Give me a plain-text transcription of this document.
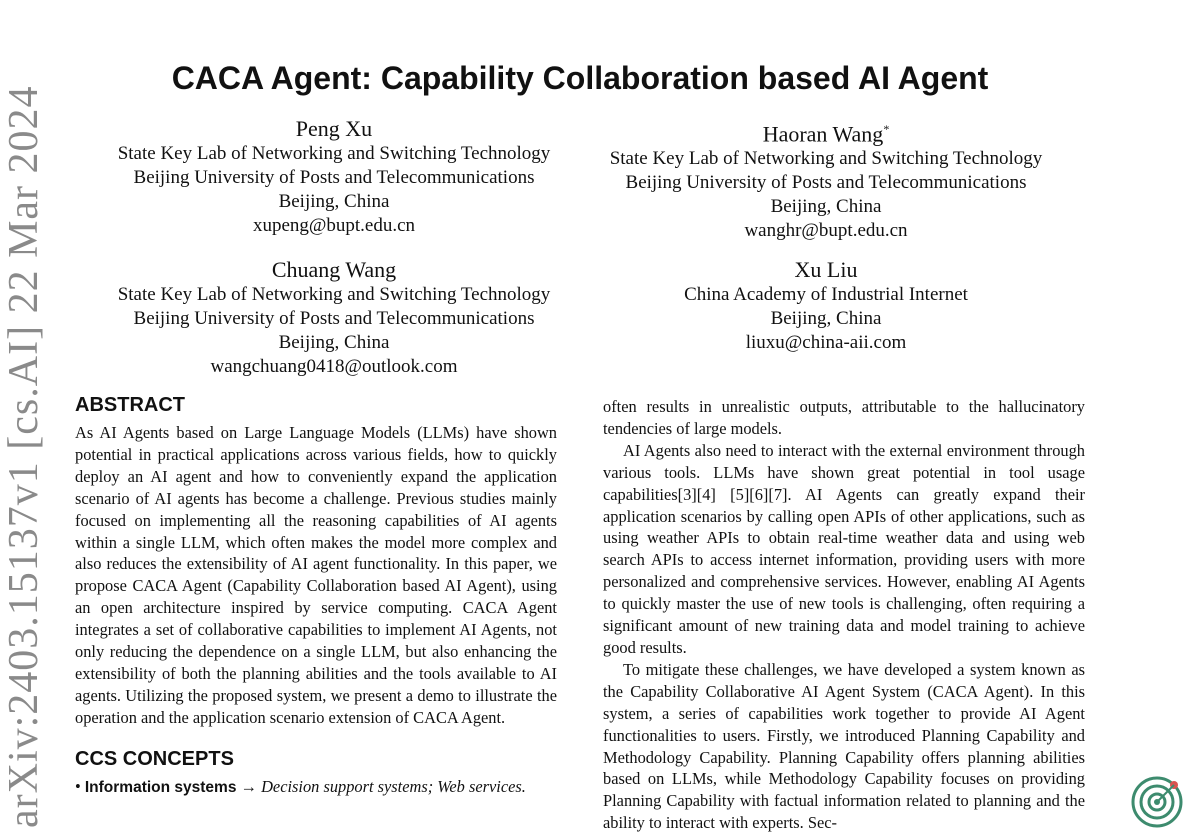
arXiv:2403.15137v1 [cs.AI] 22 Mar 2024
CACA Agent: Capability Collaboration based AI Agent
Peng Xu
State Key Lab of Networking and Switching Technology
Beijing University of Posts and Telecommunications
Beijing, China
xupeng@bupt.edu.cn
Haoran Wang*
State Key Lab of Networking and Switching Technology
Beijing University of Posts and Telecommunications
Beijing, China
wanghr@bupt.edu.cn
Chuang Wang
State Key Lab of Networking and Switching Technology
Beijing University of Posts and Telecommunications
Beijing, China
wangchuang0418@outlook.com
Xu Liu
China Academy of Industrial Internet
Beijing, China
liuxu@china-aii.com
ABSTRACT

As AI Agents based on Large Language Models (LLMs) have shown potential in practical applications across various fields, how to quickly deploy an AI agent and how to conveniently expand the application scenario of AI agents has become a challenge. Previous studies mainly focused on implementing all the reasoning capabilities of AI agents within a single LLM, which often makes the model more complex and also reduces the extensibility of AI agent functionality. In this paper, we propose CACA Agent (Capability Collaboration based AI Agent), using an open architecture inspired by service computing. CACA Agent integrates a set of collaborative capabilities to implement AI Agents, not only reducing the dependence on a single LLM, but also enhancing the extensibility of both the planning abilities and the tools available to AI agents. Utilizing the proposed system, we present a demo to illustrate the operation and the application scenario extension of CACA Agent.

CCS CONCEPTS
• Information systems → Decision support systems; Web services.

often results in unrealistic outputs, attributable to the hallucinatory tendencies of large models.

AI Agents also need to interact with the external environment through various tools. LLMs have shown great potential in tool usage capabilities[3][4] [5][6][7]. AI Agents can greatly expand their application scenarios by calling open APIs of other applications, such as using weather APIs to obtain real-time weather data and using web search APIs to access internet information, providing users with more personalized and comprehensive services. However, enabling AI Agents to quickly master the use of new tools is challenging, often requiring a significant amount of new training data and model training to achieve good results.

To mitigate these challenges, we have developed a system known as the Capability Collaborative AI Agent System (CACA Agent). In this system, a series of capabilities work together to provide AI Agent functionalities to users. Firstly, we introduced Planning Capability and Methodology Capability. Planning Capability offers planning abilities based on LLMs, while Methodology Capability focuses on providing Planning Capability with factual information related to planning and the ability to interact with experts. Sec-
